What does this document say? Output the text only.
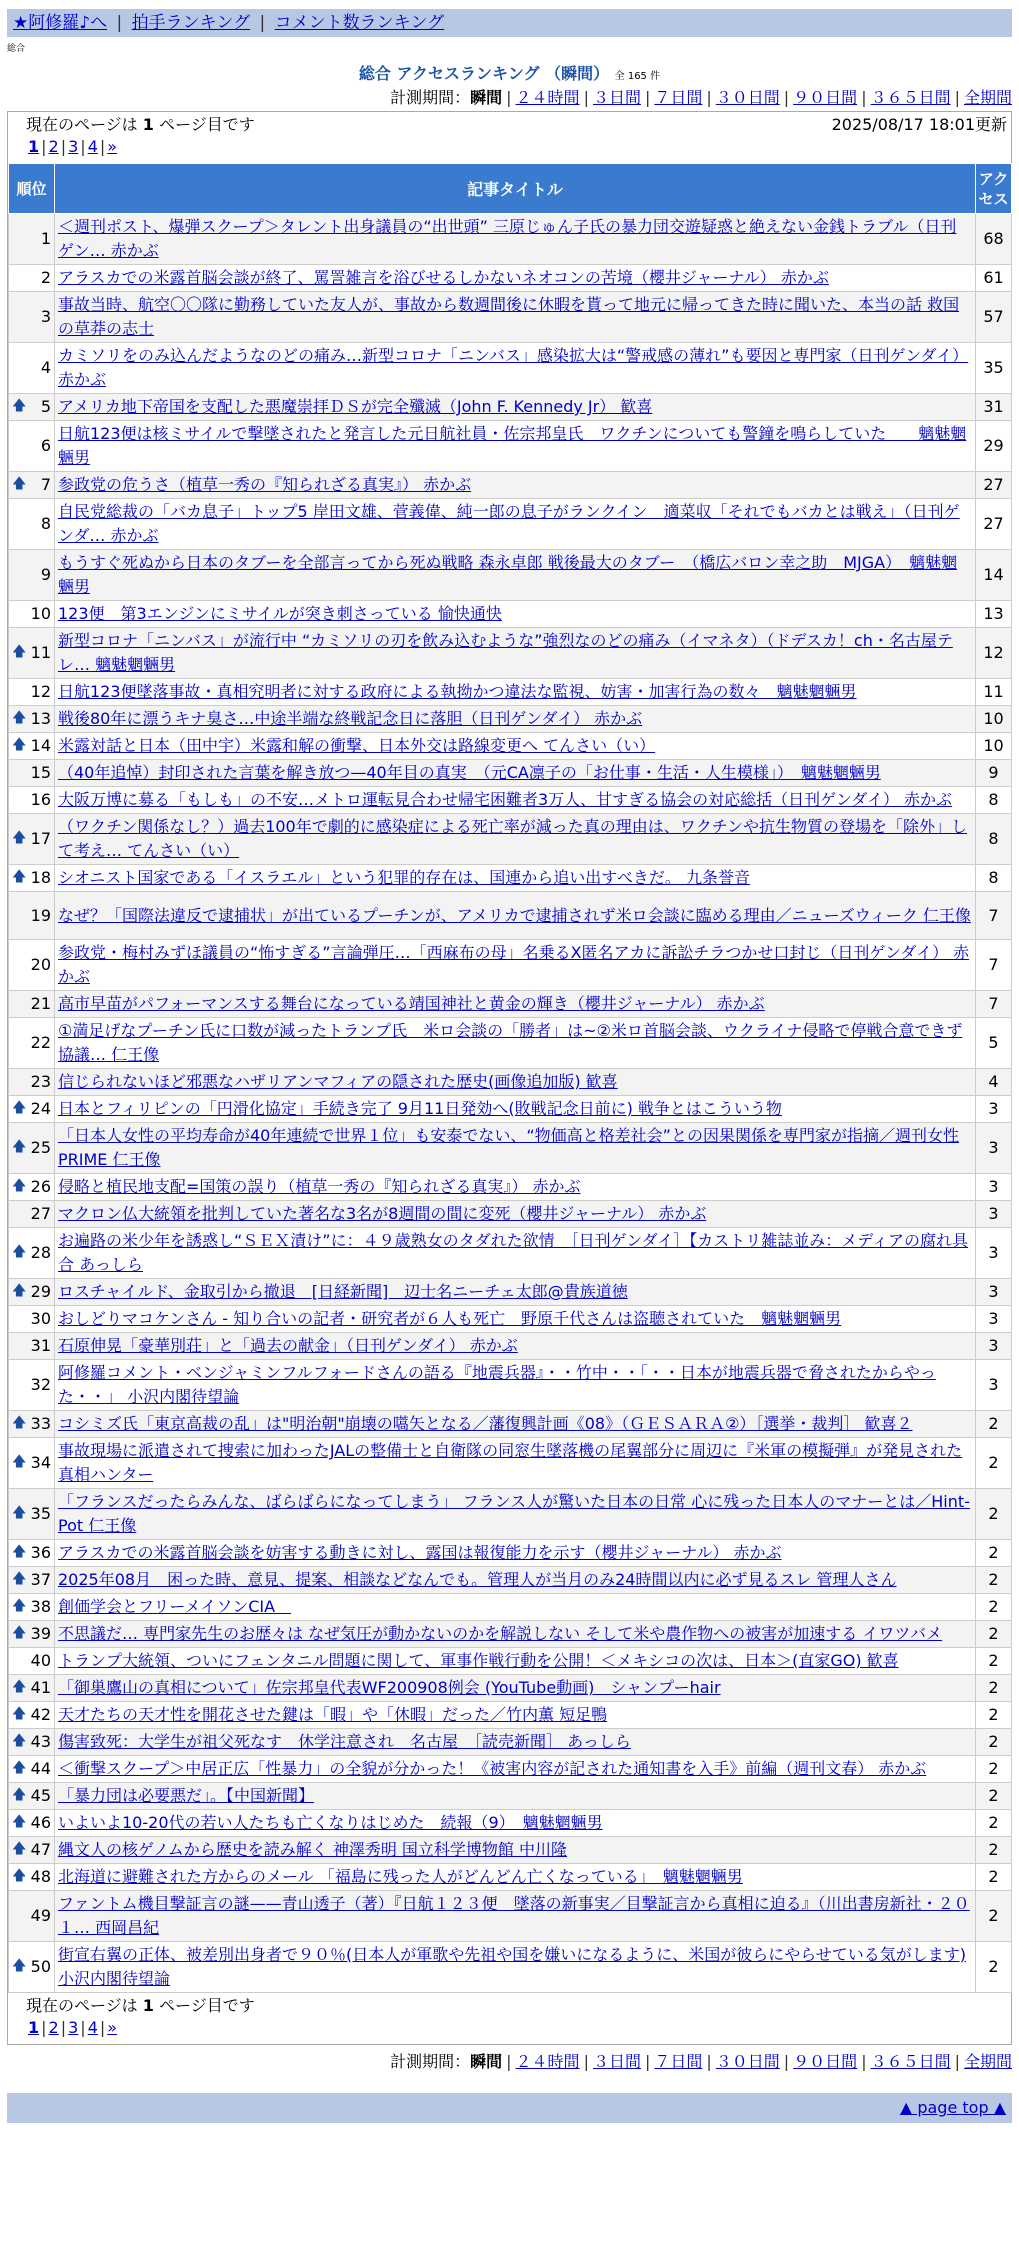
★阿修羅♪へ | 拍手ランキング | コメント数ランキング
総合
総合 アクセスランキング （瞬間） 全 165 件
計測期間：瞬間 | ２４時間 | ３日間 | ７日間 | ３０日間 | ９０日間 | ３６５日間 | 全期間
現在のページは 1 ページ目です	2025/08/17 18:01更新
1 | 2 | 3 | 4 | »
順位	記事タイトル	アクセス
1	＜週刊ポスト、爆弾スクープ＞タレント出身議員の“出世頭” 三原じゅん子氏の暴力団交遊疑惑と絶えない金銭トラブル（日刊ゲン… 赤かぶ	68
2	アラスカでの米露首脳会談が終了、罵詈雑言を浴びせるしかないネオコンの苦境（櫻井ジャーナル） 赤かぶ	61
3	事故当時、航空〇〇隊に勤務していた友人が、事故から数週間後に休暇を貰って地元に帰ってきた時に聞いた、本当の話 救国の草莽の志士	57
4	カミソリをのみ込んだようなのどの痛み…新型コロナ「ニンバス」感染拡大は“警戒感の薄れ”も要因と専門家（日刊ゲンダイ） 赤かぶ	35

🡅 5	アメリカ地下帝国を支配した悪魔崇拝ＤＳが完全殲滅（John F. Kennedy Jr） 歓喜	31
6	日航123便は核ミサイルで撃墜されたと発言した元日航社員・佐宗邦皇氏　ワクチンについても警鐘を鳴らしていた　　魑魅魍魎男	29

🡅 7	参政党の危うさ（植草一秀の『知られざる真実』） 赤かぶ	27
8	自民党総裁の「バカ息子」トップ5 岸田文雄、菅義偉、純一郎の息子がランクイン　適菜収「それでもバカとは戦え」（日刊ゲンダ… 赤かぶ	27
9	もうすぐ死ぬから日本のタブーを全部言ってから死ぬ戦略 森永卓郎 戦後最大のタブー　（橋広バロン幸之助　MJGA）　魑魅魍魎男	14
10	123便　第3エンジンにミサイルが突き刺さっている 愉快通快	13

🡅 11	新型コロナ「ニンバス」が流行中 “カミソリの刃を飲み込むような”強烈なのどの痛み（イマネタ）（ドデスカ！ch・名古屋テレ… 魑魅魍魎男	12
12	日航123便墜落事故・真相究明者に対する政府による執拗かつ違法な監視、妨害・加害行為の数々　魑魅魍魎男	11

🡅 13	戦後80年に漂うキナ臭さ…中途半端な終戦記念日に落胆（日刊ゲンダイ） 赤かぶ	10

🡅 14	米露対話と日本（田中宇）米露和解の衝撃、日本外交は路線変更へ てんさい（い）	10
15	（40年追悼）封印された言葉を解き放つ—40年目の真実　（元CA凛子の「お仕事・生活・人生模様」）　魑魅魍魎男	9
16	大阪万博に募る「もしも」の不安…メトロ運転見合わせ帰宅困難者3万人、甘すぎる協会の対応総括（日刊ゲンダイ） 赤かぶ	8

🡅 17	（ワクチン関係なし？）過去100年で劇的に感染症による死亡率が減った真の理由は、ワクチンや抗生物質の登場を「除外」して考え… てんさい（い）	8

🡅 18	シオニスト国家である「イスラエル」という犯罪的存在は、国連から追い出すべきだ。 九条誉音	8
19	なぜ？「国際法違反で逮捕状」が出ているプーチンが、アメリカで逮捕されず米ロ会談に臨める理由／ニューズウィーク 仁王像	7
20	参政党・梅村みずほ議員の“怖すぎる”言論弾圧…「西麻布の母」名乗るX匿名アカに訴訟チラつかせ口封じ（日刊ゲンダイ） 赤かぶ	7
21	高市早苗がパフォーマンスする舞台になっている靖国神社と黄金の輝き（櫻井ジャーナル） 赤かぶ	7
22	①満足げなプーチン氏に口数が減ったトランプ氏　米ロ会談の「勝者」は~②米ロ首脳会談、ウクライナ侵略で停戦合意できず 協議… 仁王像	5
23	信じられないほど邪悪なハザリアンマフィアの隠された歴史(画像追加版) 歓喜	4

🡅 24	日本とフィリピンの「円滑化協定」手続き完了 9月11日発効へ(敗戦記念日前に) 戦争とはこういう物	3

🡅 25	「日本人女性の平均寿命が40年連続で世界１位」も安泰でない、“物価高と格差社会”との因果関係を専門家が指摘／週刊女性PRIME 仁王像	3

🡅 26	侵略と植民地支配=国策の誤り（植草一秀の『知られざる真実』） 赤かぶ	3
27	マクロン仏大統領を批判していた著名な3名が8週間の間に変死（櫻井ジャーナル） 赤かぶ	3

🡅 28	お遍路の米少年を誘惑し“ＳＥＸ漬け”に：４９歳熟女のタダれた欲情　［日刊ゲンダイ］【カストリ雑誌並み：メディアの腐れ具合 あっしら	3

🡅 29	ロスチャイルド、金取引から撤退　[日経新聞]　辺士名ニーチェ太郎@貴族道徳	3
30	おしどりマコケンさん - 知り合いの記者・研究者が６人も死亡　野原千代さんは盗聴されていた　魑魅魍魎男	3
31	石原伸晃「豪華別荘」と「過去の献金」（日刊ゲンダイ） 赤かぶ	3
32	阿修羅コメント・ベンジャミンフルフォードさんの語る『地震兵器』・・竹中・・「・・日本が地震兵器で脅されたからやった・・」 小沢内閣待望論	3

🡅 33	コシミズ氏「東京高裁の乱」は"明治朝"崩壊の嚆矢となる／藩復興計画《08》（ＧＥＳＡＲＡ②）［選挙・裁判］ 歓喜２	2

🡅 34	事故現場に派遣されて捜索に加わったJALの整備士と自衛隊の同窓生墜落機の尾翼部分に周辺に『米軍の模擬弾』が発見された 真相ハンター	2

🡅 35	「フランスだったらみんな、ばらばらになってしまう」 フランス人が驚いた日本の日常 心に残った日本人のマナーとは／Hint-Pot 仁王像	2

🡅 36	アラスカでの米露首脳会談を妨害する動きに対し、露国は報復能力を示す（櫻井ジャーナル） 赤かぶ	2

🡅 37	2025年08月　困った時、意見、提案、相談などなんでも。管理人が当月のみ24時間以内に必ず見るスレ 管理人さん	2

🡅 38	創価学会とフリーメイソンCIA　	2

🡅 39	不思議だ… 専門家先生のお歴々は なぜ気圧が動かないのかを解説しない そして米や農作物への被害が加速する イワツバメ	2
40	トランプ大統領、ついにフェンタニル問題に関して、軍事作戦行動を公開！＜メキシコの次は、日本＞(直家GO) 歓喜	2

🡅 41	「御巣鷹山の真相について」佐宗邦皇代表WF200908例会 (YouTube動画)　シャンプーhair	2

🡅 42	天才たちの天才性を開花させた鍵は「暇」や「休暇」だった／竹内薫 短足鴨	2

🡅 43	傷害致死：大学生が祖父死なす　休学注意され　名古屋　［読売新聞］ あっしら	2

🡅 44	＜衝撃スクープ＞中居正広「性暴力」の全貌が分かった！《被害内容が記された通知書を入手》前編（週刊文春） 赤かぶ	2

🡅 45	「暴力団は必要悪だ」。【中国新聞】	2

🡅 46	いよいよ10-20代の若い人たちも亡くなりはじめた　続報（9）　魑魅魍魎男	2

🡅 47	縄文人の核ゲノムから歴史を読み解く 神澤秀明 国立科学博物館 中川隆	2

🡅 48	北海道に避難された方からのメール 「福島に残った人がどんどん亡くなっている」　魑魅魍魎男	2
49	ファントム機目撃証言の謎——青山透子（著）『日航１２３便　墜落の新事実／目撃証言から真相に迫る』（川出書房新社・２０１… 西岡昌紀	2

🡅 50	街宣右翼の正体、被差別出身者で９０％(日本人が軍歌や先祖や国を嫌いになるように、米国が彼らにやらせている気がします) 小沢内閣待望論	2
現在のページは 1 ページ目です
1 | 2 | 3 | 4 | »
計測期間：瞬間 | ２４時間 | ３日間 | ７日間 | ３０日間 | ９０日間 | ３６５日間 | 全期間
▲ page top ▲
